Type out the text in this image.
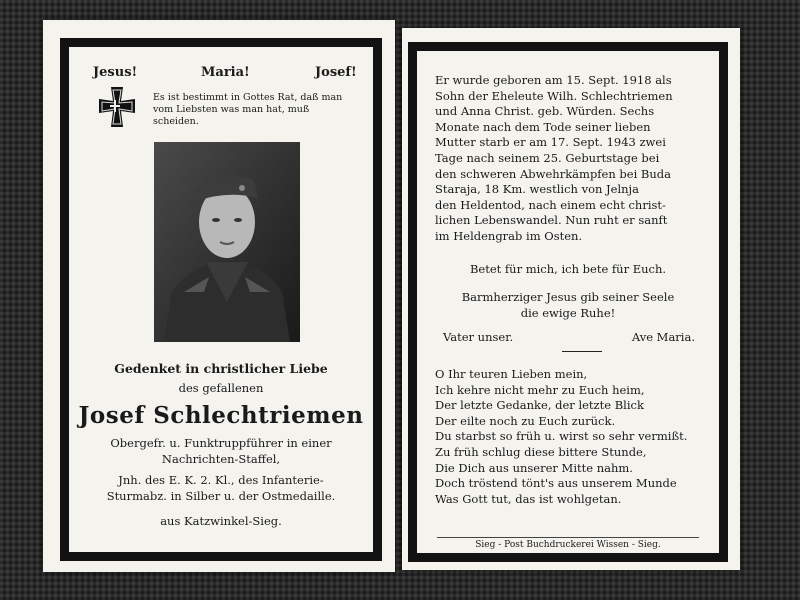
Jesus!	Maria!	Josef!
Es ist bestimmt in Gottes Rat, daß man vom Liebsten was man hat, muß scheiden.
Gedenket in christlicher Liebe
des gefallenen
Josef Schlechtriemen
Obergefr. u. Funktruppführer in einer
Nachrichten-Staffel,
Jnh. des E. K. 2. Kl., des Infanterie-
Sturmabz. in Silber u. der Ostmedaille.
aus Katzwinkel-Sieg.
Er wurde geboren am 15. Sept. 1918 als
Sohn der Eheleute Wilh. Schlechtriemen
und Anna Christ. geb. Würden. Sechs
Monate nach dem Tode seiner lieben
Mutter starb er am 17. Sept. 1943 zwei
Tage nach seinem 25. Geburtstage bei
den schweren Abwehrkämpfen bei Buda
Staraja, 18 Km. westlich von Jelnja
den Heldentod, nach einem echt christ-
lichen Lebenswandel. Nun ruht er sanft
im Heldengrab im Osten.
Betet für mich, ich bete für Euch.
Barmherziger Jesus gib seiner Seele
die ewige Ruhe!
Vater unser.	Ave Maria.
O Ihr teuren Lieben mein,
Ich kehre nicht mehr zu Euch heim,
Der letzte Gedanke, der letzte Blick
Der eilte noch zu Euch zurück.
Du starbst so früh u. wirst so sehr vermißt.
Zu früh schlug diese bittere Stunde,
Die Dich aus unserer Mitte nahm.
Doch tröstend tönt's aus unserem Munde
Was Gott tut, das ist wohlgetan.
Sieg - Post Buchdruckerei Wissen - Sieg.
